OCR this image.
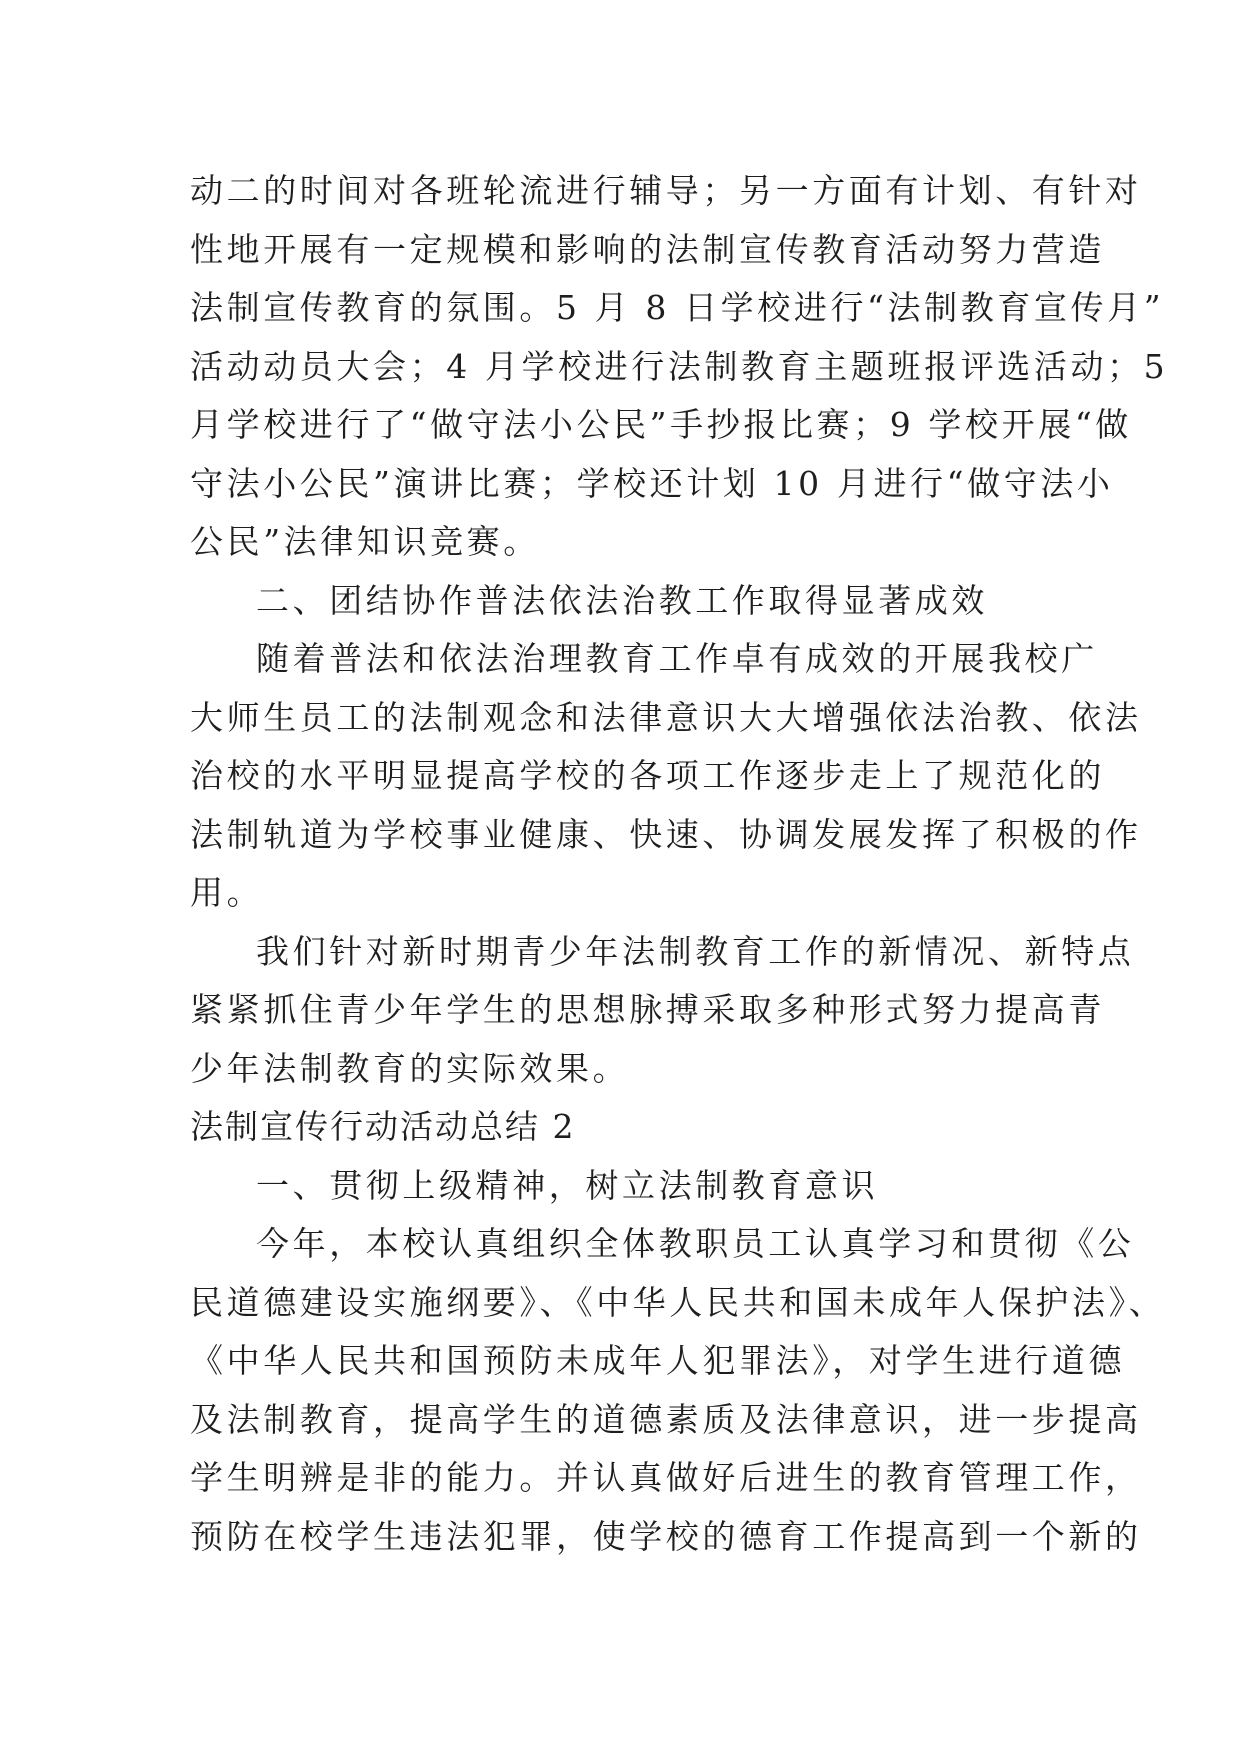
动二的时间对各班轮流进行辅导；另一方面有计划、有针对
性地开展有一定规模和影响的法制宣传教育活动努力营造
法制宣传教育的氛围。5 月 8 日学校进行“法制教育宣传月”
活动动员大会；4 月学校进行法制教育主题班报评选活动；5
月学校进行了“做守法小公民”手抄报比赛；9 学校开展“做
守法小公民”演讲比赛；学校还计划 10 月进行“做守法小
公民”法律知识竞赛。
二、团结协作普法依法治教工作取得显著成效
随着普法和依法治理教育工作卓有成效的开展我校广
大师生员工的法制观念和法律意识大大增强依法治教、依法
治校的水平明显提高学校的各项工作逐步走上了规范化的
法制轨道为学校事业健康、快速、协调发展发挥了积极的作
用。
我们针对新时期青少年法制教育工作的新情况、新特点
紧紧抓住青少年学生的思想脉搏采取多种形式努力提高青
少年法制教育的实际效果。
法制宣传行动活动总结 2
一、贯彻上级精神，树立法制教育意识
今年，本校认真组织全体教职员工认真学习和贯彻《公
民道德建设实施纲要》、《中华人民共和国未成年人保护法》、
《中华人民共和国预防未成年人犯罪法》，对学生进行道德
及法制教育，提高学生的道德素质及法律意识，进一步提高
学生明辨是非的能力。并认真做好后进生的教育管理工作，
预防在校学生违法犯罪，使学校的德育工作提高到一个新的
